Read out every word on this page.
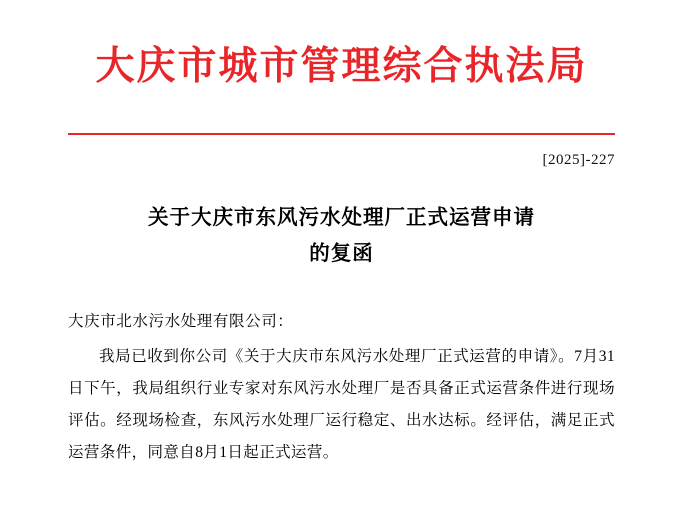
大庆市城市管理综合执法局
[2025]-227
关于大庆市东风污水处理厂正式运营申请
的复函
大庆市北水污水处理有限公司：

我局已收到你公司《关于大庆市东风污水处理厂正式运营的申请》。7月31日下午，我局组织行业专家对东风污水处理厂是否具备正式运营条件进行现场评估。经现场检查，东风污水处理厂运行稳定、出水达标。经评估，满足正式运营条件，同意自8月1日起正式运营。
